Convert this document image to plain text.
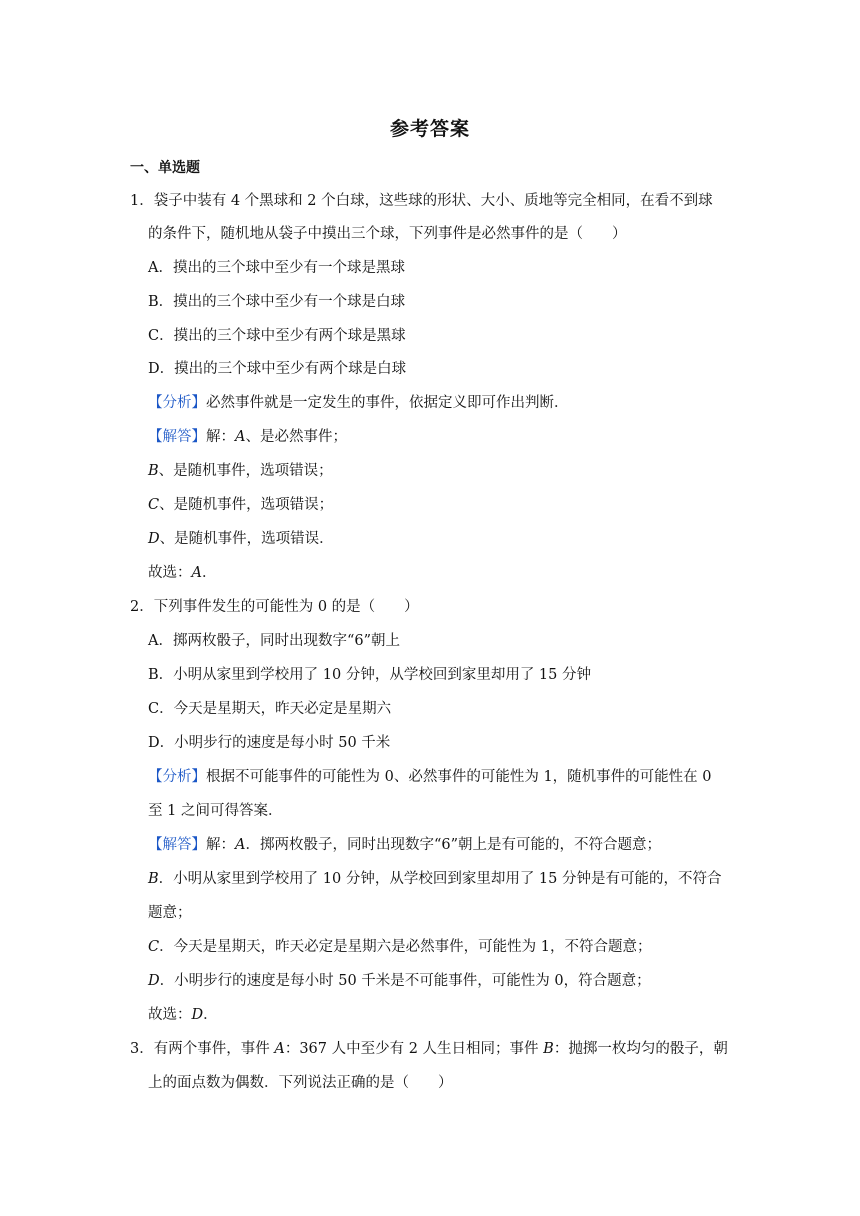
参考答案
一、单选题
1．袋子中装有 4 个黑球和 2 个白球，这些球的形状、大小、质地等完全相同，在看不到球
的条件下，随机地从袋子中摸出三个球，下列事件是必然事件的是（　　）
A．摸出的三个球中至少有一个球是黑球
B．摸出的三个球中至少有一个球是白球
C．摸出的三个球中至少有两个球是黑球
D．摸出的三个球中至少有两个球是白球
【分析】必然事件就是一定发生的事件，依据定义即可作出判断．
【解答】解：A、是必然事件；
B、是随机事件，选项错误；
C、是随机事件，选项错误；
D、是随机事件，选项错误．
故选：A．
2．下列事件发生的可能性为 0 的是（　　）
A．掷两枚骰子，同时出现数字“6”朝上
B．小明从家里到学校用了 10 分钟，从学校回到家里却用了 15 分钟
C．今天是星期天，昨天必定是星期六
D．小明步行的速度是每小时 50 千米
【分析】根据不可能事件的可能性为 0、必然事件的可能性为 1，随机事件的可能性在 0
至 1 之间可得答案．
【解答】解：A．掷两枚骰子，同时出现数字“6”朝上是有可能的，不符合题意；
B．小明从家里到学校用了 10 分钟，从学校回到家里却用了 15 分钟是有可能的，不符合
题意；
C．今天是星期天，昨天必定是星期六是必然事件，可能性为 1，不符合题意；
D．小明步行的速度是每小时 50 千米是不可能事件，可能性为 0，符合题意；
故选：D．
3．有两个事件，事件 A：367 人中至少有 2 人生日相同；事件 B：抛掷一枚均匀的骰子，朝
上的面点数为偶数．下列说法正确的是（　　）
